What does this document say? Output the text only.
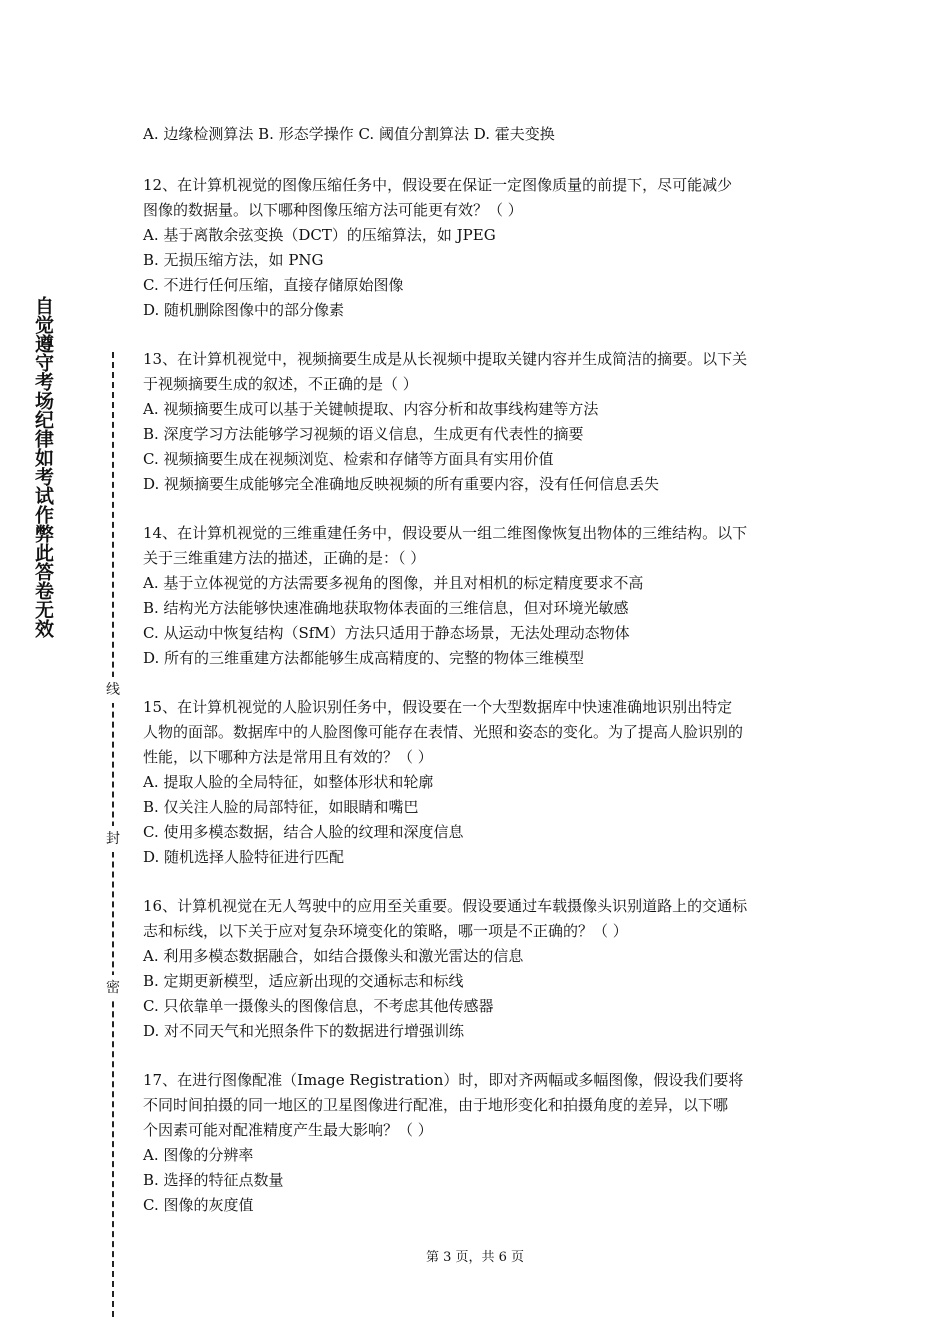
自觉遵守考场纪律如考试作弊此答卷无效
线
封
密
A. 边缘检测算法 B. 形态学操作 C. 阈值分割算法 D. 霍夫变换
12、在计算机视觉的图像压缩任务中，假设要在保证一定图像质量的前提下，尽可能减少
图像的数据量。以下哪种图像压缩方法可能更有效？（ ）
A. 基于离散余弦变换（DCT）的压缩算法，如 JPEG
B. 无损压缩方法，如 PNG
C. 不进行任何压缩，直接存储原始图像
D. 随机删除图像中的部分像素
13、在计算机视觉中，视频摘要生成是从长视频中提取关键内容并生成简洁的摘要。以下关
于视频摘要生成的叙述，不正确的是（ ）
A. 视频摘要生成可以基于关键帧提取、内容分析和故事线构建等方法
B. 深度学习方法能够学习视频的语义信息，生成更有代表性的摘要
C. 视频摘要生成在视频浏览、检索和存储等方面具有实用价值
D. 视频摘要生成能够完全准确地反映视频的所有重要内容，没有任何信息丢失
14、在计算机视觉的三维重建任务中，假设要从一组二维图像恢复出物体的三维结构。以下
关于三维重建方法的描述，正确的是：（ ）
A. 基于立体视觉的方法需要多视角的图像，并且对相机的标定精度要求不高
B. 结构光方法能够快速准确地获取物体表面的三维信息，但对环境光敏感
C. 从运动中恢复结构（SfM）方法只适用于静态场景，无法处理动态物体
D. 所有的三维重建方法都能够生成高精度的、完整的物体三维模型
15、在计算机视觉的人脸识别任务中，假设要在一个大型数据库中快速准确地识别出特定
人物的面部。数据库中的人脸图像可能存在表情、光照和姿态的变化。为了提高人脸识别的
性能，以下哪种方法是常用且有效的？（ ）
A. 提取人脸的全局特征，如整体形状和轮廓
B. 仅关注人脸的局部特征，如眼睛和嘴巴
C. 使用多模态数据，结合人脸的纹理和深度信息
D. 随机选择人脸特征进行匹配
16、计算机视觉在无人驾驶中的应用至关重要。假设要通过车载摄像头识别道路上的交通标
志和标线，以下关于应对复杂环境变化的策略，哪一项是不正确的？（ ）
A. 利用多模态数据融合，如结合摄像头和激光雷达的信息
B. 定期更新模型，适应新出现的交通标志和标线
C. 只依靠单一摄像头的图像信息，不考虑其他传感器
D. 对不同天气和光照条件下的数据进行增强训练
17、在进行图像配准（Image Registration）时，即对齐两幅或多幅图像，假设我们要将
不同时间拍摄的同一地区的卫星图像进行配准，由于地形变化和拍摄角度的差异，以下哪
个因素可能对配准精度产生最大影响？（ ）
A. 图像的分辨率
B. 选择的特征点数量
C. 图像的灰度值
第 3 页，共 6 页
